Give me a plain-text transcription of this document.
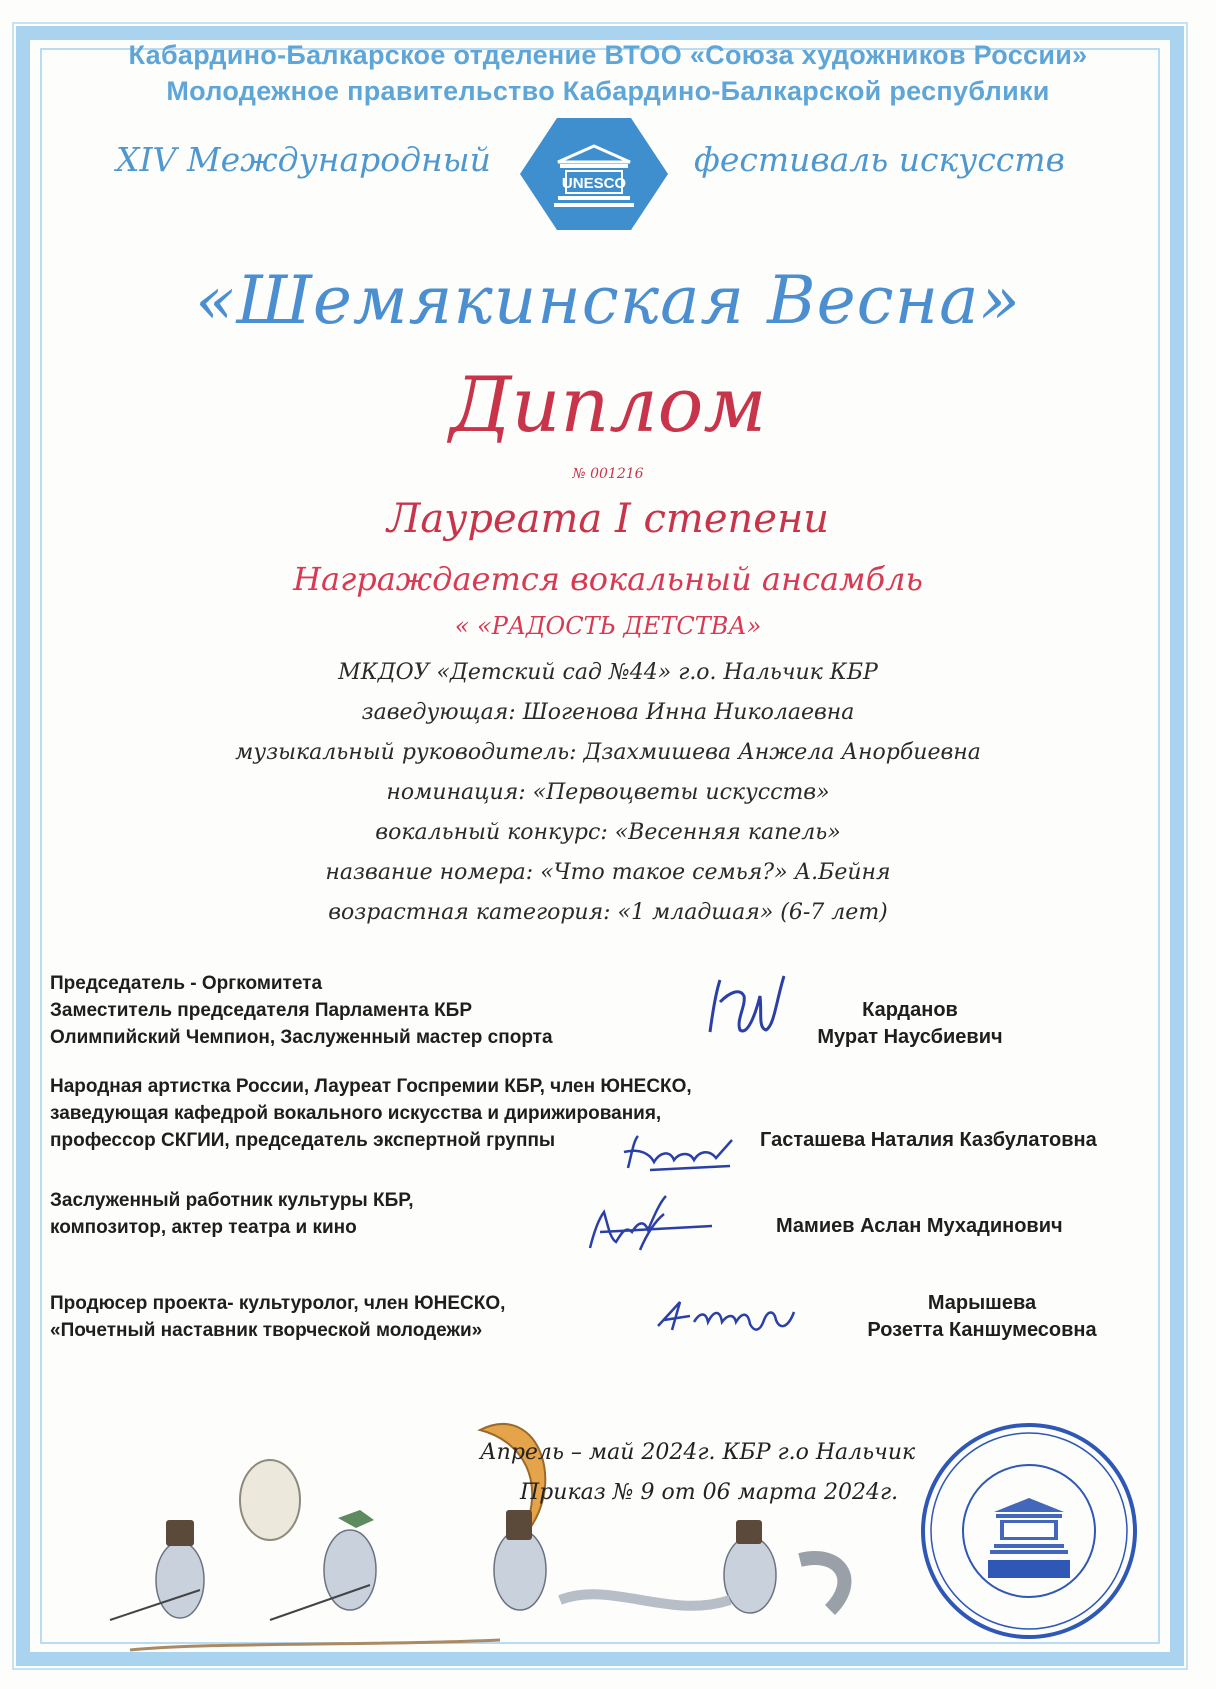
Кабардино-Балкарское отделение ВТОО «Союза художников России»
Молодежное правительство Кабардино-Балкарской республики
XIV Международный
UNESCO
фестиваль искусств
«Шемякинская Весна»
Диплом
№ 001216
Лауреата I степени
Награждается вокальный ансамбль
« «РАДОСТЬ ДЕТСТВА»
МКДОУ «Детский сад №44» г.о. Нальчик КБР
заведующая: Шогенова Инна Николаевна
музыкальный руководитель: Дзахмишева Анжела Анорбиевна
номинация: «Первоцветы искусств»
вокальный конкурс: «Весенняя капель»
название номера: «Что такое семья?» А.Бейня
возрастная категория: «1 младшая» (6-7 лет)
Председатель - Оргкомитета
Заместитель председателя Парламента КБР
Олимпийский Чемпион, Заслуженный мастер спорта
Карданов
Мурат Наусбиевич
Народная артистка России, Лауреат Госпремии КБР, член ЮНЕСКО,
заведующая кафедрой вокального искусства и дирижирования,
профессор СКГИИ, председатель экспертной группы	Гасташева Наталия Казбулатовна
Заслуженный работник культуры КБР,
композитор, актер театра и кино	Мамиев Аслан Мухадинович
Продюсер проекта- культуролог, член ЮНЕСКО,
«Почетный наставник творческой молодежи»
Марышева
Розетта Каншумесовна
Апрель – май 2024г. КБР г.о Нальчик
Приказ № 9 от 06 марта 2024г.
